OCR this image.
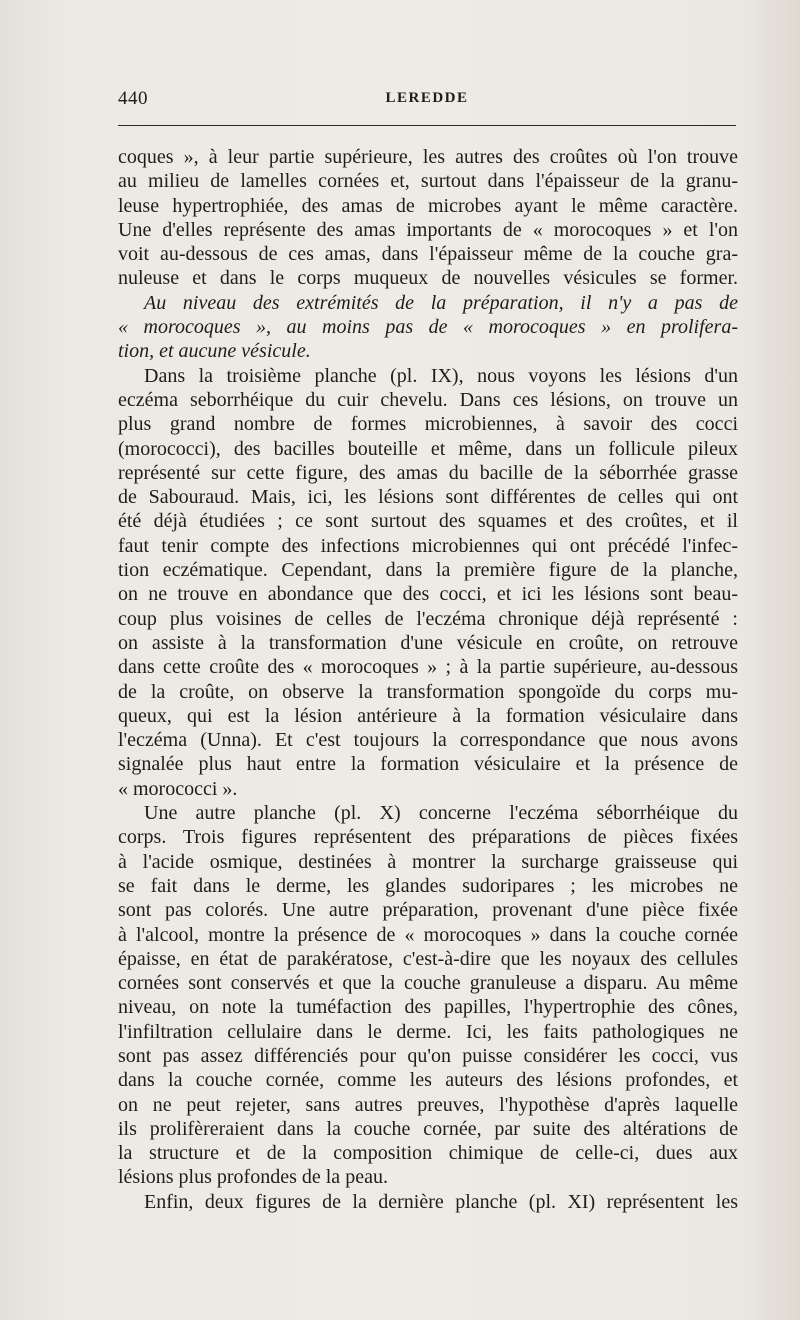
440	LEREDDE
coques », à leur partie supérieure, les autres des croûtes où l'on trouve
au milieu de lamelles cornées et, surtout dans l'épaisseur de la granu-
leuse hypertrophiée, des amas de microbes ayant le même caractère.
Une d'elles représente des amas importants de « morocoques » et l'on
voit au-dessous de ces amas, dans l'épaisseur même de la couche gra-
nuleuse et dans le corps muqueux de nouvelles vésicules se former.
Au niveau des extrémités de la préparation, il n'y a pas de
« morocoques », au moins pas de « morocoques » en prolifera-
tion, et aucune vésicule.
Dans la troisième planche (pl. IX), nous voyons les lésions d'un
eczéma seborrhéique du cuir chevelu. Dans ces lésions, on trouve un
plus grand nombre de formes microbiennes, à savoir des cocci
(morococci), des bacilles bouteille et même, dans un follicule pileux
représenté sur cette figure, des amas du bacille de la séborrhée grasse
de Sabouraud. Mais, ici, les lésions sont différentes de celles qui ont
été déjà étudiées ; ce sont surtout des squames et des croûtes, et il
faut tenir compte des infections microbiennes qui ont précédé l'infec-
tion eczématique. Cependant, dans la première figure de la planche,
on ne trouve en abondance que des cocci, et ici les lésions sont beau-
coup plus voisines de celles de l'eczéma chronique déjà représenté :
on assiste à la transformation d'une vésicule en croûte, on retrouve
dans cette croûte des « morocoques » ; à la partie supérieure, au-dessous
de la croûte, on observe la transformation spongoïde du corps mu-
queux, qui est la lésion antérieure à la formation vésiculaire dans
l'eczéma (Unna). Et c'est toujours la correspondance que nous avons
signalée plus haut entre la formation vésiculaire et la présence de
« morococci ».
Une autre planche (pl. X) concerne l'eczéma séborrhéique du
corps. Trois figures représentent des préparations de pièces fixées
à l'acide osmique, destinées à montrer la surcharge graisseuse qui
se fait dans le derme, les glandes sudoripares ; les microbes ne
sont pas colorés. Une autre préparation, provenant d'une pièce fixée
à l'alcool, montre la présence de « morocoques » dans la couche cornée
épaisse, en état de parakératose, c'est-à-dire que les noyaux des cellules
cornées sont conservés et que la couche granuleuse a disparu. Au même
niveau, on note la tuméfaction des papilles, l'hypertrophie des cônes,
l'infiltration cellulaire dans le derme. Ici, les faits pathologiques ne
sont pas assez différenciés pour qu'on puisse considérer les cocci, vus
dans la couche cornée, comme les auteurs des lésions profondes, et
on ne peut rejeter, sans autres preuves, l'hypothèse d'après laquelle
ils prolifèreraient dans la couche cornée, par suite des altérations de
la structure et de la composition chimique de celle-ci, dues aux
lésions plus profondes de la peau.
Enfin, deux figures de la dernière planche (pl. XI) représentent les
